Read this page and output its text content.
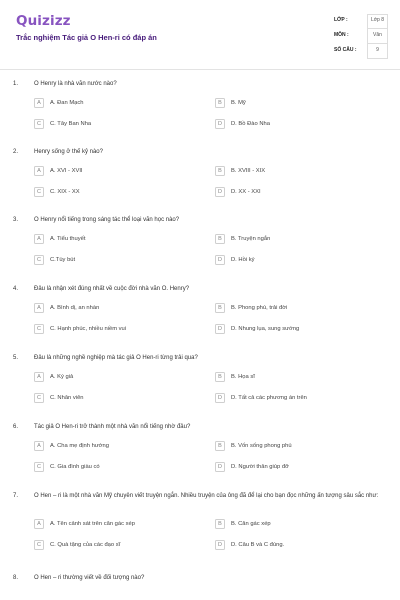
Quizizz
Trắc nghiệm Tác giả O Hen-ri có đáp án
LỚP :	Lớp 8
MÔN :	Văn
SỐ CÂU :	9
1.	O Henry là nhà văn nước nào?
A	A. Đan Mạch	B	B. Mỹ
C	C. Tây Ban Nha	D	D. Bồ Đào Nha
2.	Henry sống ở thế kỷ nào?
A	A. XVI - XVII	B	B. XVIII - XIX
C	C. XIX - XX	D	D. XX - XXI
3.	O Henry nổi tiếng trong sáng tác thể loại văn học nào?
A	A. Tiểu thuyết	B	B. Truyện ngắn
C	C.Tùy bút	D	D. Hồi ký
4.	Đâu là nhận xét đúng nhất về cuộc đời nhà văn O. Henry?
A	A. Bình dị, an nhàn	B	B. Phong phú, trải đời
C	C. Hạnh phúc, nhiều niềm vui	D	D. Nhung lụa, sung sướng
5.	Đâu là những nghề nghiệp mà tác giả O Hen-ri từng trải qua?
A	A. Ký giả	B	B. Họa sĩ
C	C. Nhân viên	D	D. Tất cả các phương án trên
6.	Tác giả O Hen-ri trở thành một nhà văn nổi tiếng nhờ đâu?
A	A. Cha mẹ định hướng	B	B. Vốn sống phong phú
C	C. Gia đình giàu có	D	D. Người thân giúp đỡ
7.	O Hen – ri là một nhà văn Mỹ chuyên viết truyện ngắn. Nhiều truyện của ông đã để lại cho bạn đọc những ấn tượng sâu sắc như:
A	A. Tên cảnh sát trên căn gác xép	B	B. Căn gác xép
C	C. Quà tặng của các đạo sĩ	D	D. Câu B và C đúng.
8.	O Hen – ri thường viết về đối tượng nào?
